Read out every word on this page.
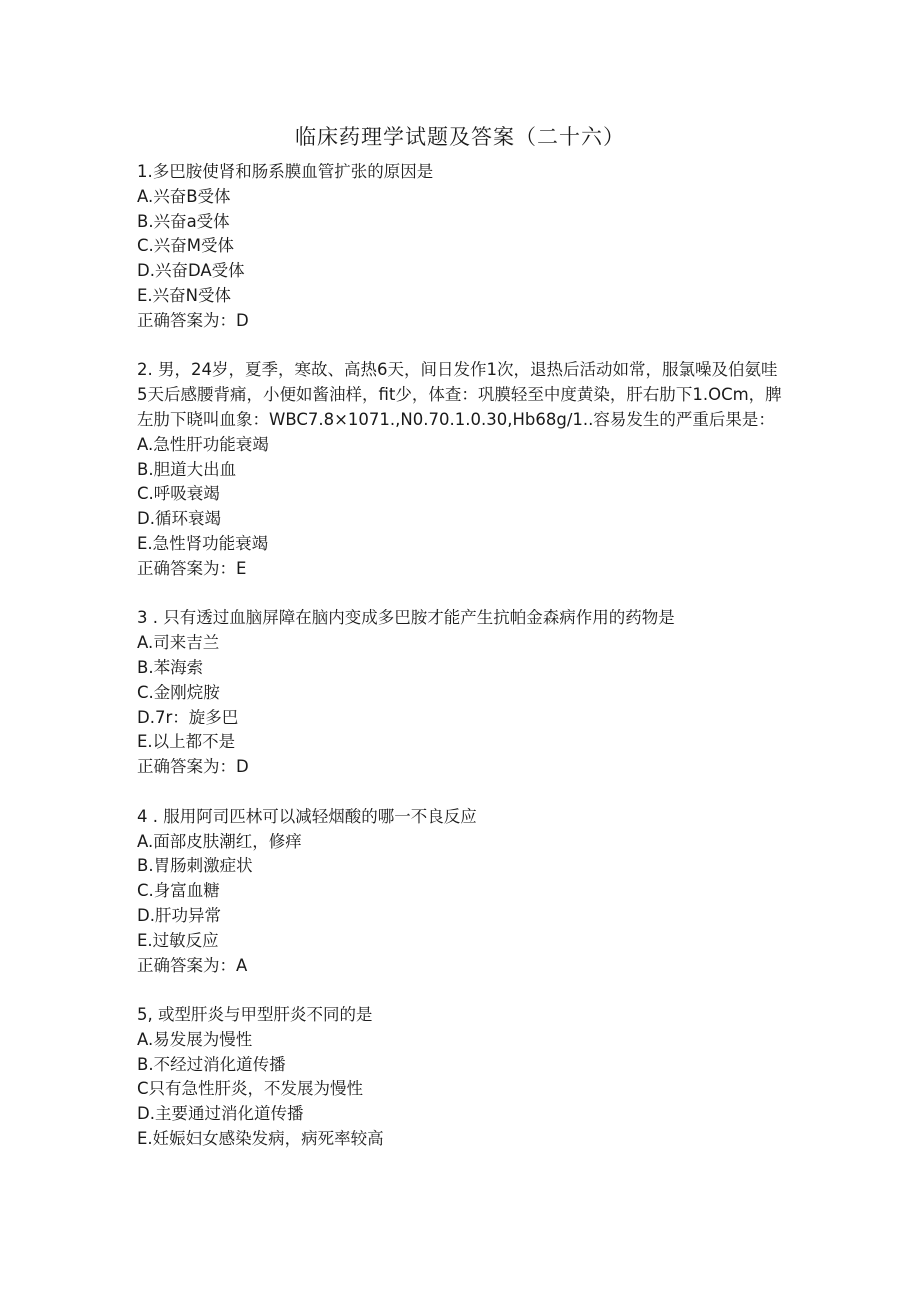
临床药理学试题及答案（二十六）

1.多巴胺使肾和肠系膜血管扩张的原因是

A.兴奋B受体

B.兴奋a受体

C.兴奋M受体

D.兴奋DA受体

E.兴奋N受体

正确答案为：D

2. 男，24岁，夏季，寒故、高热6天，间日发作1次，退热后活动如常，服氯噪及伯氨哇5天后感腰背痛，小便如酱油样，fit少，体查：巩膜轻至中度黄染，肝右肋下1.OCm，脾左肋下晓叫血象：WBC7.8×1071.,N0.70.1.0.30,Hb68g∕1..容易发生的严重后果是：

A.急性肝功能衰竭

B.胆道大出血

C.呼吸衰竭

D.循环衰竭

E.急性肾功能衰竭

正确答案为：E

3 . 只有透过血脑屏障在脑内变成多巴胺才能产生抗帕金森病作用的药物是

A.司来吉兰

B.苯海索

C.金刚烷胺

D.7r：旋多巴

E.以上都不是

正确答案为：D

4 . 服用阿司匹林可以减轻烟酸的哪一不良反应

A.面部皮肤潮红，修痒

B.胃肠刺激症状

C.身富血糖

D.肝功异常

E.过敏反应

正确答案为：A

5, 或型肝炎与甲型肝炎不同的是

A.易发展为慢性

B.不经过消化道传播

C只有急性肝炎，不发展为慢性

D.主要通过消化道传播

E.妊娠妇女感染发病，病死率较高
